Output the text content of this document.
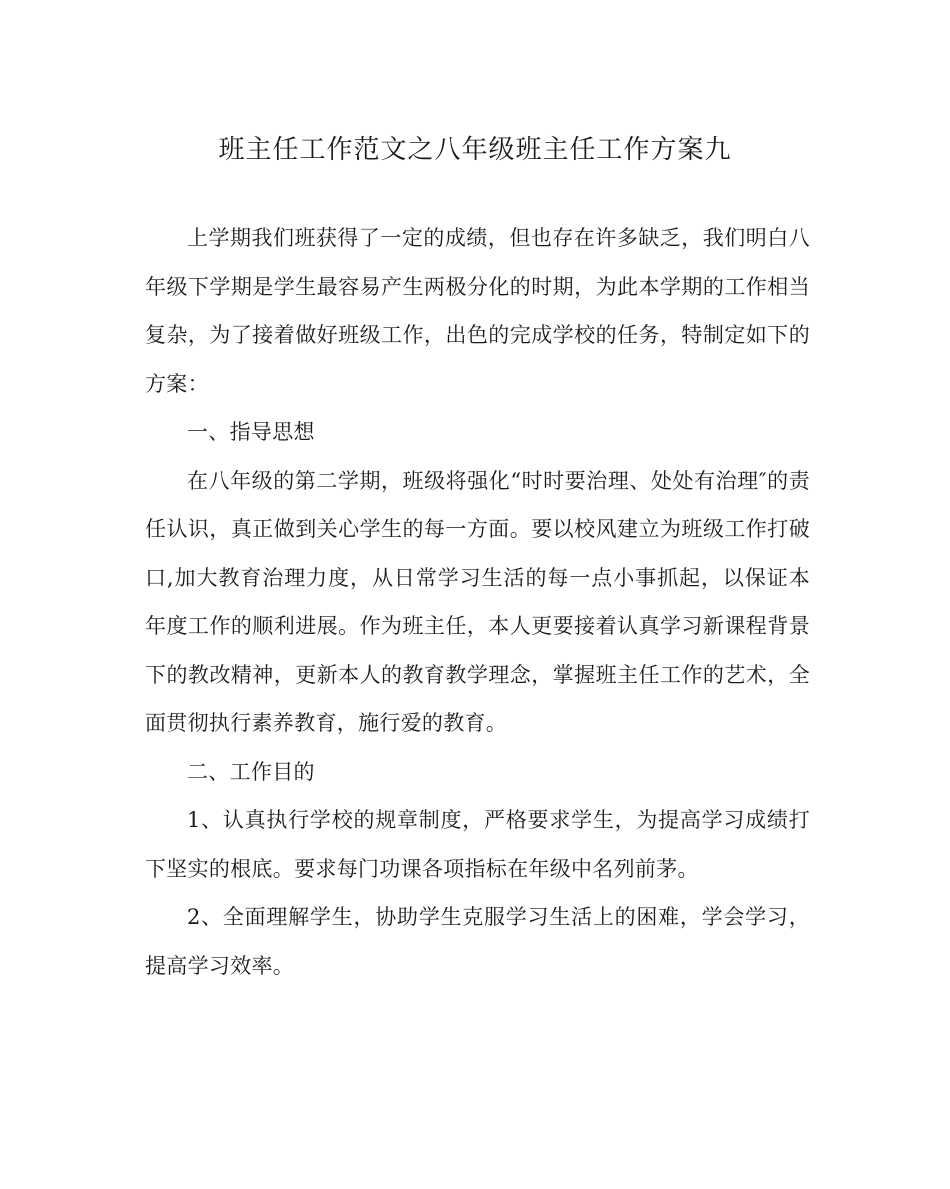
班主任工作范文之八年级班主任工作方案九

上学期我们班获得了一定的成绩，但也存在许多缺乏，我们明白八年级下学期是学生最容易产生两极分化的时期，为此本学期的工作相当复杂，为了接着做好班级工作，出色的完成学校的任务，特制定如下的方案：

一、指导思想

在八年级的第二学期，班级将强化“时时要治理、处处有治理″的责任认识，真正做到关心学生的每一方面。要以校风建立为班级工作打破口,加大教育治理力度，从日常学习生活的每一点小事抓起，以保证本年度工作的顺利进展。作为班主任，本人更要接着认真学习新课程背景下的教改精神，更新本人的教育教学理念，掌握班主任工作的艺术，全面贯彻执行素养教育，施行爱的教育。

二、工作目的

1、认真执行学校的规章制度，严格要求学生，为提高学习成绩打下坚实的根底。要求每门功课各项指标在年级中名列前茅。

2、全面理解学生，协助学生克服学习生活上的困难，学会学习，提高学习效率。
